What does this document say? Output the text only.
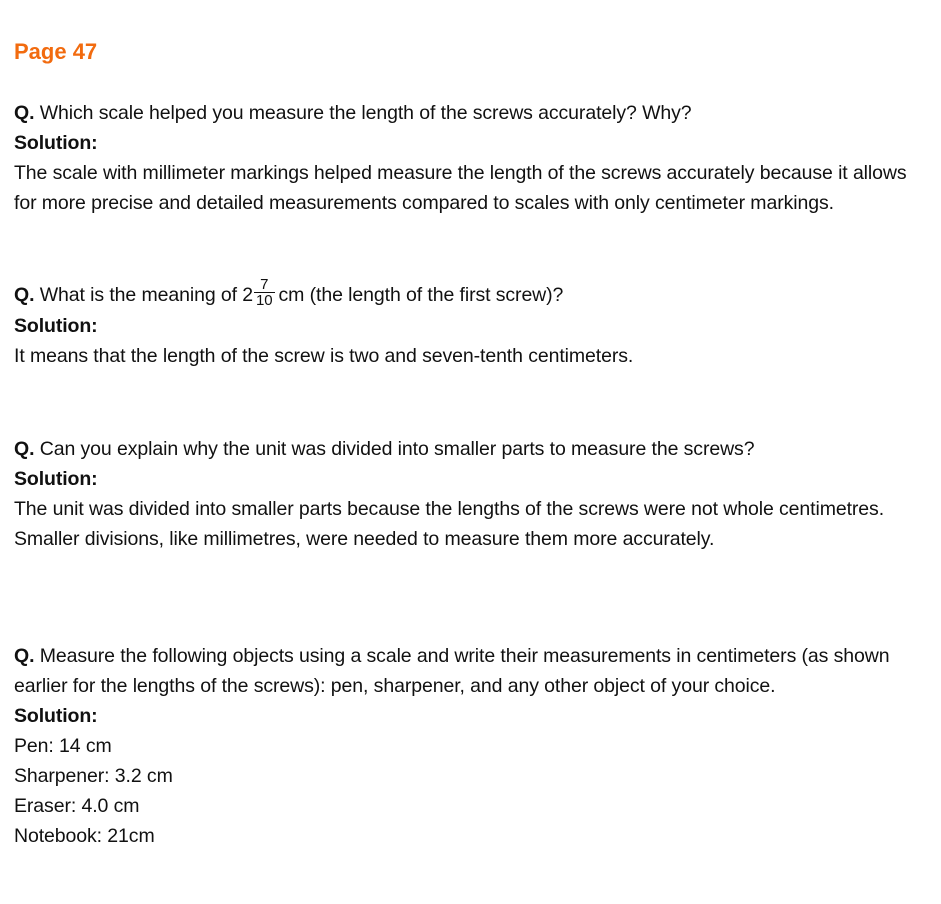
Page 47

Q. Which scale helped you measure the length of the screws accurately? Why?

Solution:

The scale with millimeter markings helped measure the length of the screws accurately because it allows for more precise and detailed measurements compared to scales with only centimeter markings.

Q. What is the meaning of $2 \frac{7}{10}$ cm (the length of the first screw)?

Solution:

It means that the length of the screw is two and seven-tenth centimeters.

Q. Can you explain why the unit was divided into smaller parts to measure the screws?

Solution:

The unit was divided into smaller parts because the lengths of the screws were not whole centimetres. Smaller divisions, like millimetres, were needed to measure them more accurately.

Q. Measure the following objects using a scale and write their measurements in centimeters (as shown earlier for the lengths of the screws): pen, sharpener, and any other object of your choice.

Solution:
Pen: 14 cm
Sharpener: 3.2 cm
Eraser: 4.0 cm
Notebook: 21cm
